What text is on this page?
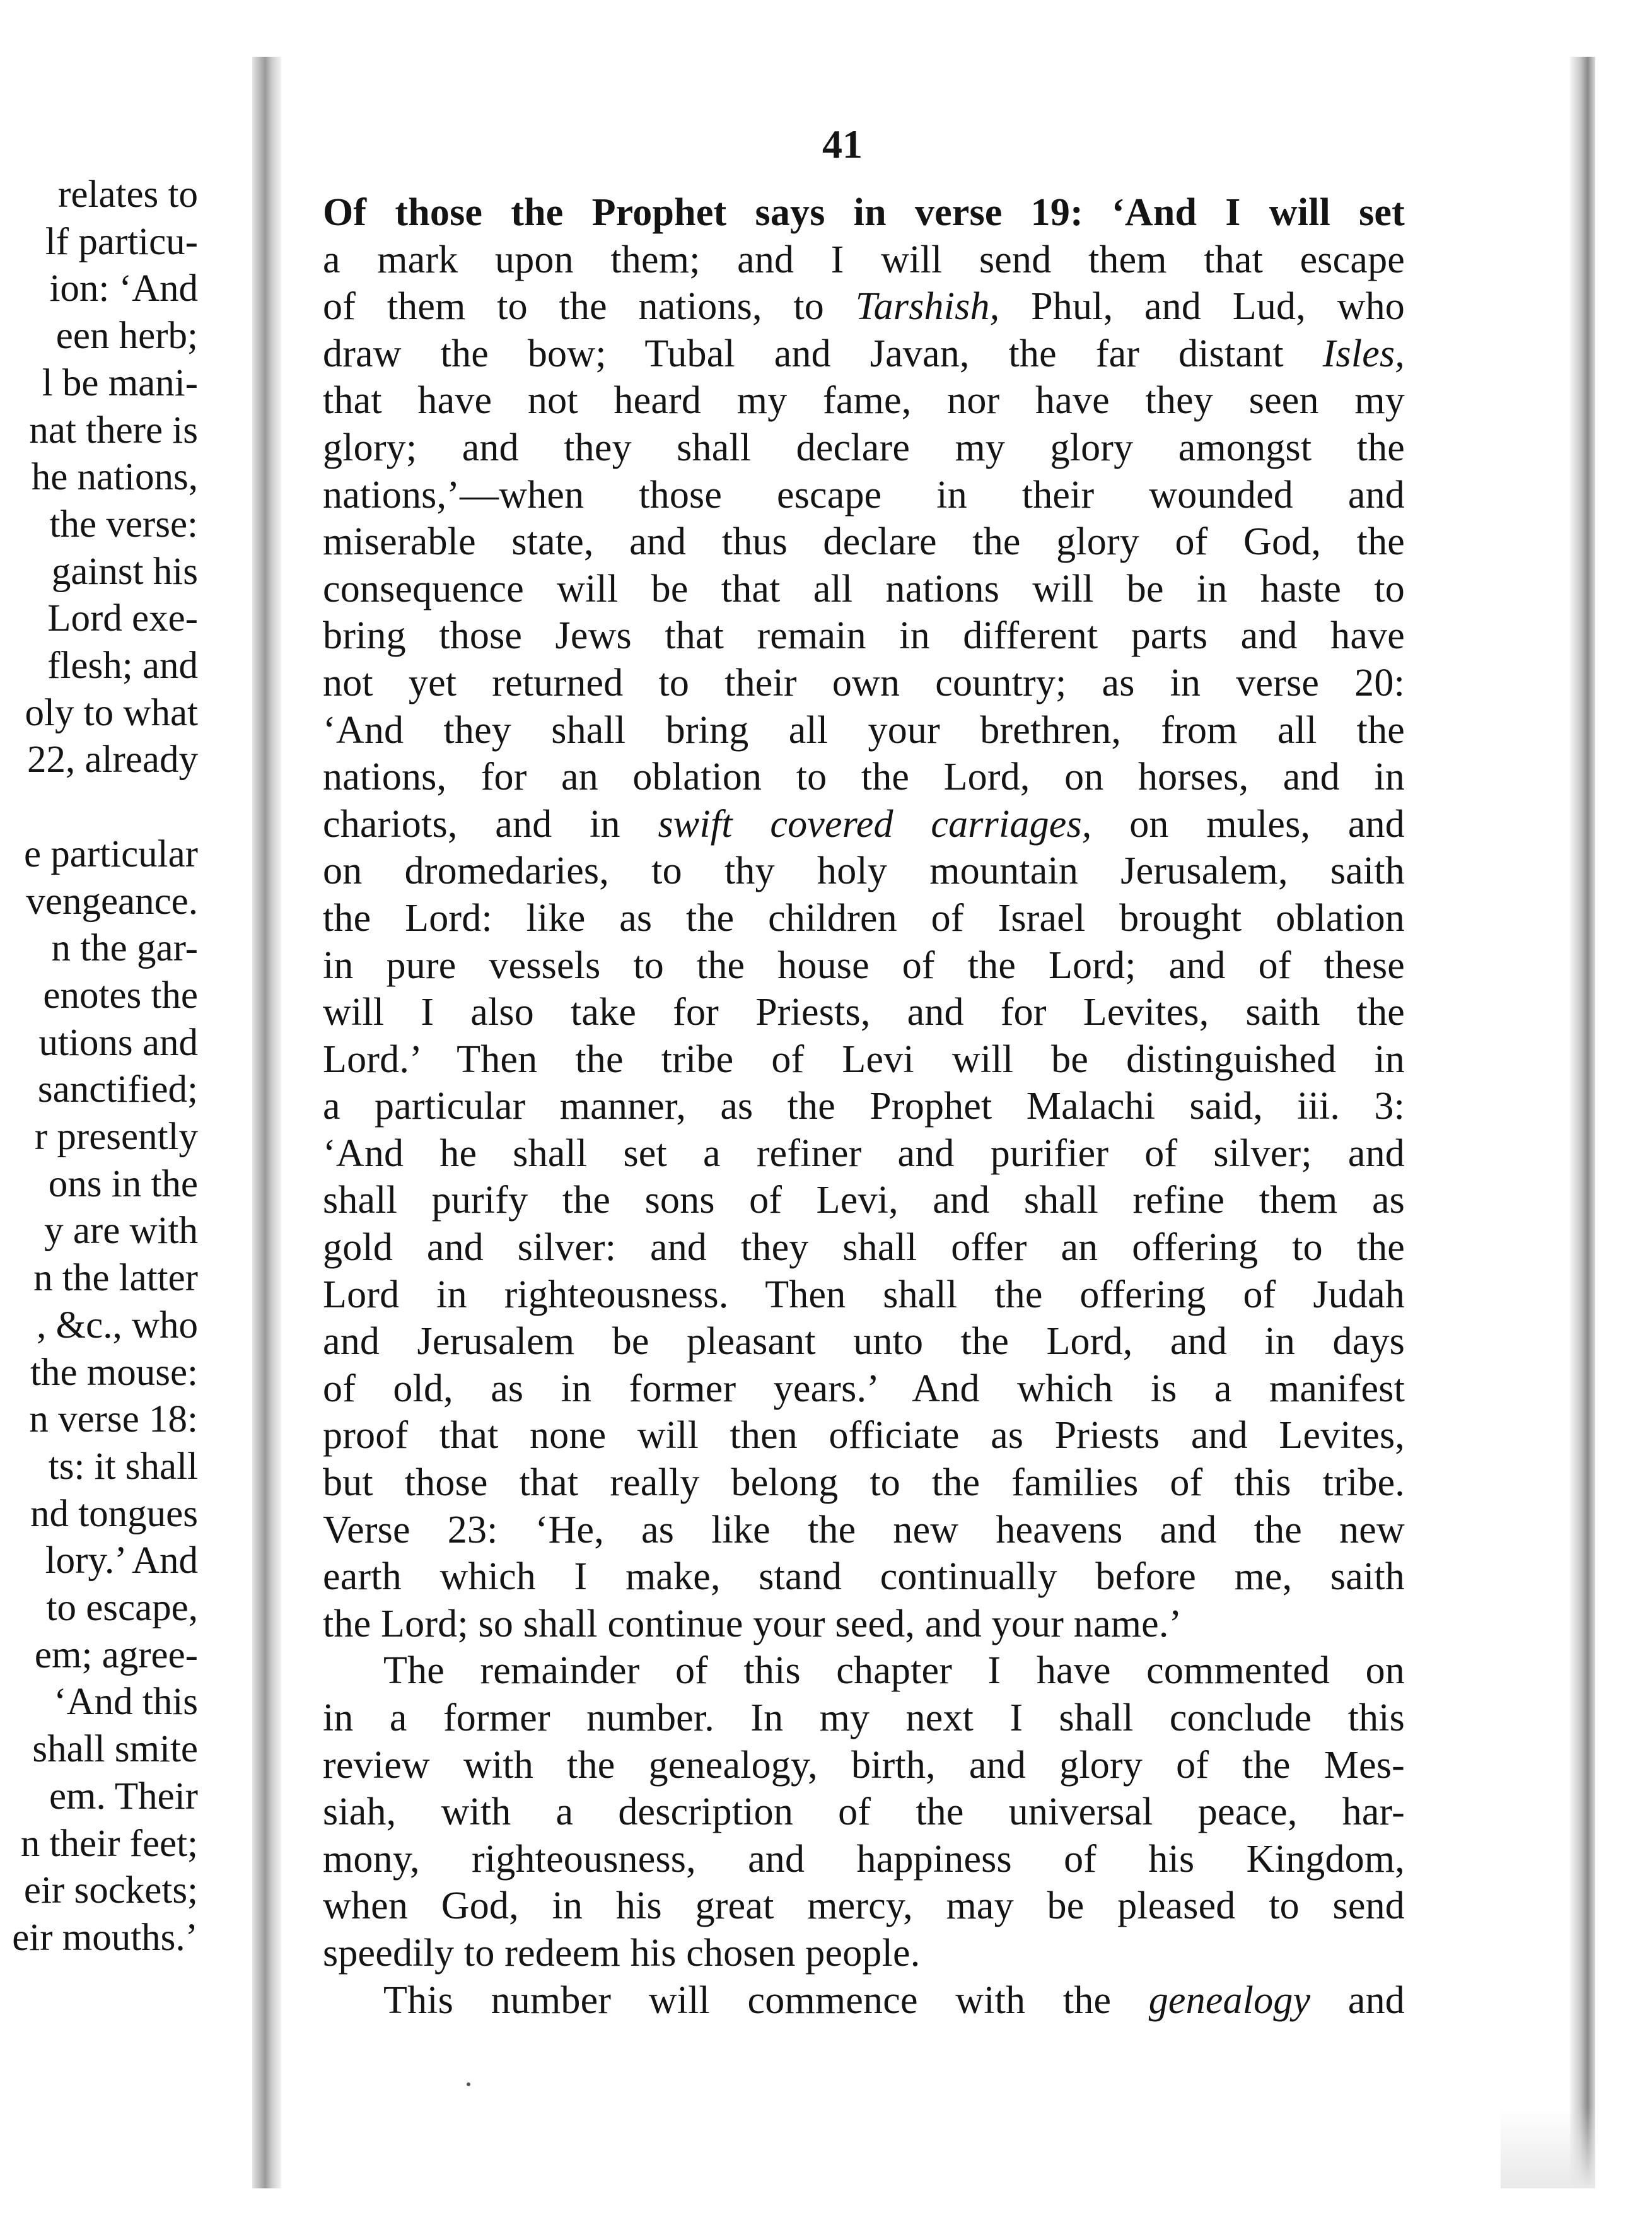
relates to
lf particu-
ion: ‘And
een herb;
l be mani-
nat there is
he nations,
the verse:
gainst his
Lord exe-
flesh; and
oly to what
22, already
e particular
vengeance.
n the gar-
enotes the
utions and
sanctified;
r presently
ons in the
y are with
n the latter
, &c., who
the mouse:
n verse 18:
ts: it shall
nd tongues
lory.’ And
to escape,
em; agree-
‘And this
shall smite
em. Their
n their feet;
eir sockets;
eir mouths.’
41
Of those the Prophet says in verse 19: ‘And I will set
a mark upon them; and I will send them that escape
of them to the nations, to Tarshish, Phul, and Lud, who
draw the bow; Tubal and Javan, the far distant Isles,
that have not heard my fame, nor have they seen my
glory; and they shall declare my glory amongst the
nations,’—when those escape in their wounded and
miserable state, and thus declare the glory of God, the
consequence will be that all nations will be in haste to
bring those Jews that remain in different parts and have
not yet returned to their own country; as in verse 20:
‘And they shall bring all your brethren, from all the
nations, for an oblation to the Lord, on horses, and in
chariots, and in swift covered carriages, on mules, and
on dromedaries, to thy holy mountain Jerusalem, saith
the Lord: like as the children of Israel brought oblation
in pure vessels to the house of the Lord; and of these
will I also take for Priests, and for Levites, saith the
Lord.’ Then the tribe of Levi will be distinguished in
a particular manner, as the Prophet Malachi said, iii. 3:
‘And he shall set a refiner and purifier of silver; and
shall purify the sons of Levi, and shall refine them as
gold and silver: and they shall offer an offering to the
Lord in righteousness. Then shall the offering of Judah
and Jerusalem be pleasant unto the Lord, and in days
of old, as in former years.’ And which is a manifest
proof that none will then officiate as Priests and Levites,
but those that really belong to the families of this tribe.
Verse 23: ‘He, as like the new heavens and the new
earth which I make, stand continually before me, saith
the Lord; so shall continue your seed, and your name.’
The remainder of this chapter I have commented on
in a former number. In my next I shall conclude this
review with the genealogy, birth, and glory of the Mes-
siah, with a description of the universal peace, har-
mony, righteousness, and happiness of his Kingdom,
when God, in his great mercy, may be pleased to send
speedily to redeem his chosen people.
This number will commence with the genealogy and
